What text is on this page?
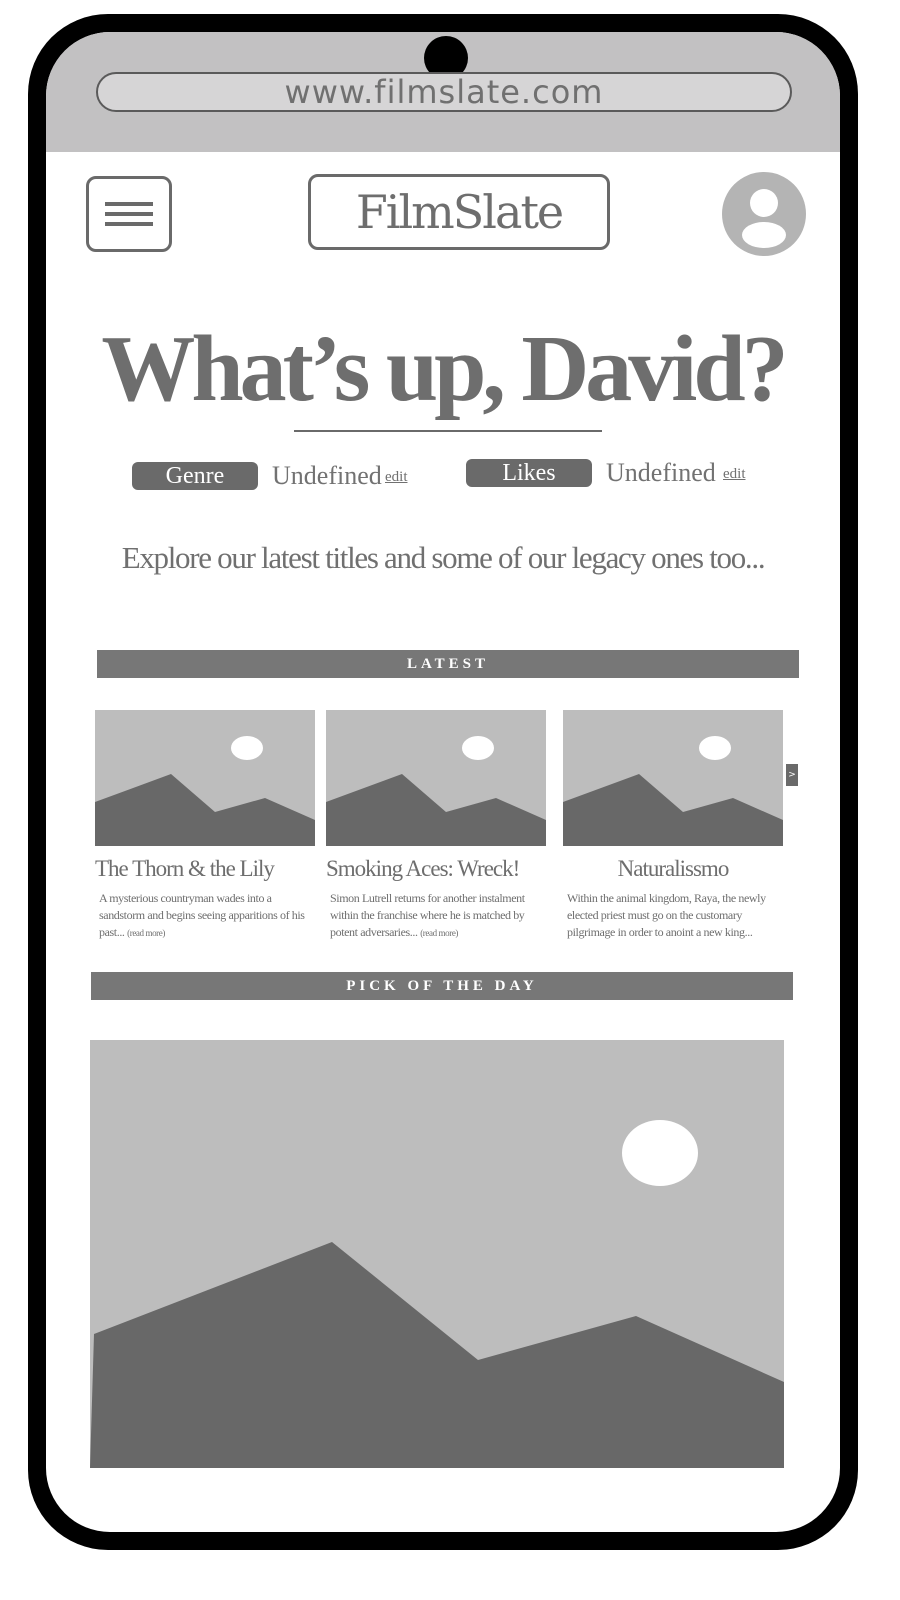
www.filmslate.com
FilmSlate
What’s up, David?
Genre	Undefined edit	Likes	Undefined edit
Explore our latest titles and some of our legacy ones too...
LATEST
The Thorn & the Lily
A mysterious countryman wades into a sandstorm and begins seeing apparitions of his past... (read more)
Smoking Aces: Wreck!
Simon Lutrell returns for another instalment within the franchise where he is matched by potent adversaries... (read more)
Naturalissmo
Within the animal kingdom, Raya, the newly elected priest must go on the customary pilgrimage in order to anoint a new king...
>
PICK OF THE DAY
